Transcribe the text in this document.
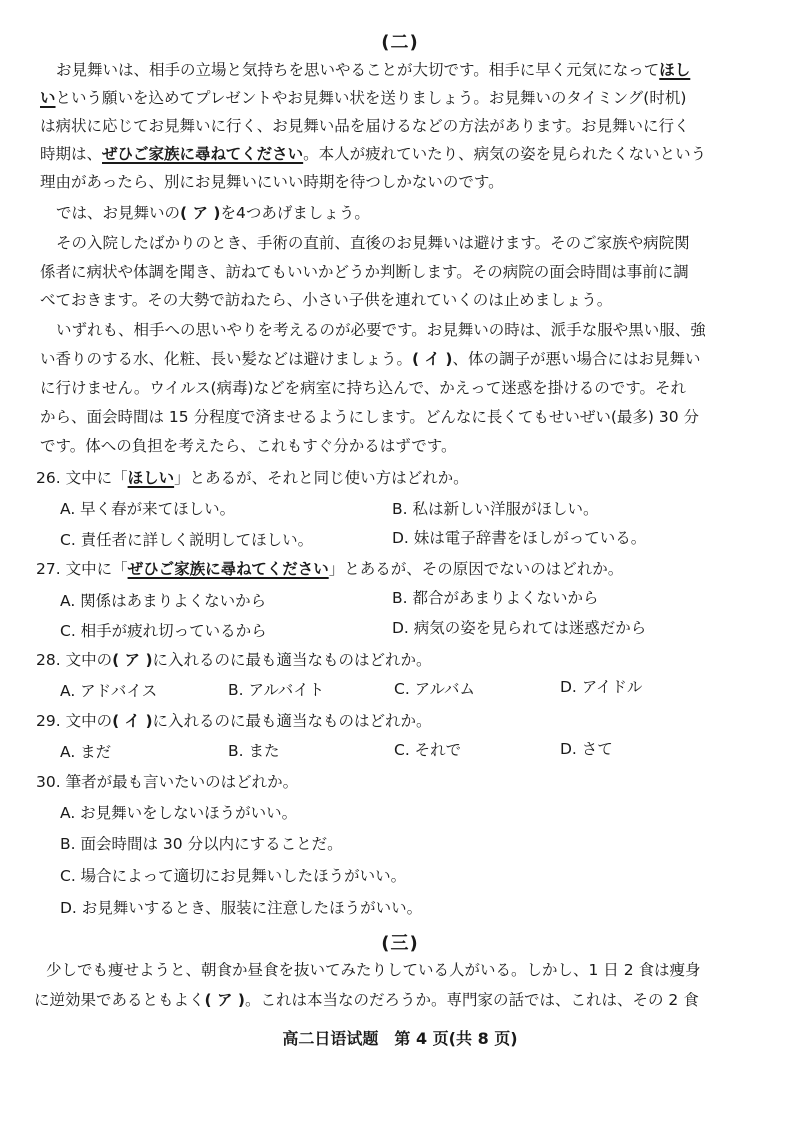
(二)
お見舞いは、相手の立場と気持ちを思いやることが大切です。相手に早く元気になってほし
いという願いを込めてプレゼントやお見舞い状を送りましょう。お見舞いのタイミング(时机)
は病状に応じてお見舞いに行く、お見舞い品を届けるなどの方法があります。お見舞いに行く
時期は、ぜひご家族に尋ねてください。本人が疲れていたり、病気の姿を見られたくないという
理由があったら、別にお見舞いにいい時期を待つしかないのです。
では、お見舞いの( ア )を4つあげましょう。
その入院したばかりのとき、手術の直前、直後のお見舞いは避けます。そのご家族や病院関
係者に病状や体調を聞き、訪ねてもいいかどうか判断します。その病院の面会時間は事前に調
べておきます。その大勢で訪ねたら、小さい子供を連れていくのは止めましょう。
いずれも、相手への思いやりを考えるのが必要です。お見舞いの時は、派手な服や黒い服、強
い香りのする水、化粧、長い髪などは避けましょう。( イ )、体の調子が悪い場合にはお見舞い
に行けません。ウイルス(病毒)などを病室に持ち込んで、かえって迷惑を掛けるのです。それ
から、面会時間は 15 分程度で済ませるようにします。どんなに長くてもせいぜい(最多) 30 分
です。体への負担を考えたら、これもすぐ分かるはずです。
26. 文中に「ほしい」とあるが、それと同じ使い方はどれか。
A. 早く春が来てほしい。	B. 私は新しい洋服がほしい。
C. 責任者に詳しく説明してほしい。	D. 妹は電子辞書をほしがっている。
27. 文中に「ぜひご家族に尋ねてください」とあるが、その原因でないのはどれか。
A. 関係はあまりよくないから	B. 都合があまりよくないから
C. 相手が疲れ切っているから	D. 病気の姿を見られては迷惑だから
28. 文中の( ア )に入れるのに最も適当なものはどれか。
A. アドバイス	B. アルバイト	C. アルバム	D. アイドル
29. 文中の( イ )に入れるのに最も適当なものはどれか。
A. まだ	B. また	C. それで	D. さて
30. 筆者が最も言いたいのはどれか。
A. お見舞いをしないほうがいい。
B. 面会時間は 30 分以内にすることだ。
C. 場合によって適切にお見舞いしたほうがいい。
D. お見舞いするとき、服装に注意したほうがいい。
(三)
少しでも痩せようと、朝食か昼食を抜いてみたりしている人がいる。しかし、1 日 2 食は痩身
に逆効果であるともよく( ア )。これは本当なのだろうか。専門家の話では、これは、その 2 食
高二日语试题　第 4 页(共 8 页)
